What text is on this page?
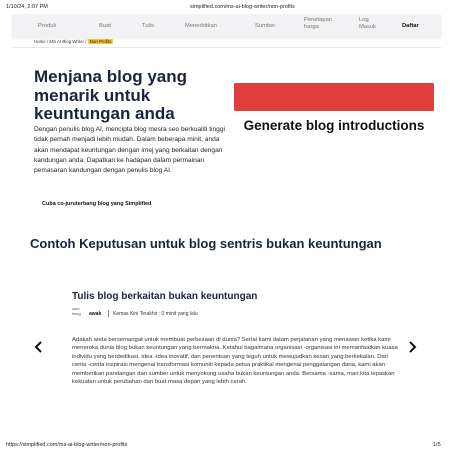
1/10/24, 2:07 PM	simplified.com/ms-ai-blog-writer/non-profits
Produk	Buat	Tulis	Menerbitkan	Sumber
Penetapan harga
Log Masuk	Daftar
Home / MS AI Blog Writer / Non Profits
Menjana blog yang menarik untuk keuntungan anda
Dengan penulis blog AI, mencipta blog mesra seo berkualiti tinggi tidak pernah menjadi lebih mudah. Dalam beberapa minit, anda akan mendapat keuntungan dengan imej yang berkaitan dengan kandungan anda. Dapatkan ke hadapan dalam permainan pemasaran kandungan dengan penulis blog AI.
Cuba co-juruterbang blog yang Simplified
Generate blog introductions
Contoh Keputusan untuk blog sentris bukan keuntungan
Tulis blog berkaitan bukan keuntungan
user imag	awak Kemas Kini Terakhir : 0 minit yang lalu
Adakah anda bersemangat untuk membuat perbezaan di dunia? Sertai kami dalam perjalanan yang menawan ketika kami meneroka dunia blog bukan keuntungan yang bermakna. Ketahui bagaimana organisasi -organisasi ini memanfaatkan kuasa individu yang berdedikasi, idea -idea inovatif, dan penentuan yang teguh untuk mewujudkan kesan yang berkekalan. Dari cerita -cerita inspirasi mengenai transformasi komuniti kepada petua praktikal mengenai penggalangan dana, kami akan memberikan pandangan dan sumber untuk menyokong usaha bukan keuntungan anda. Bersama -sama, mari kita lepaskan kekuatan untuk perubahan dan buat masa depan yang lebih cerah.
https://simplified.com/ms-ai-blog-writer/non-profits	1/5
